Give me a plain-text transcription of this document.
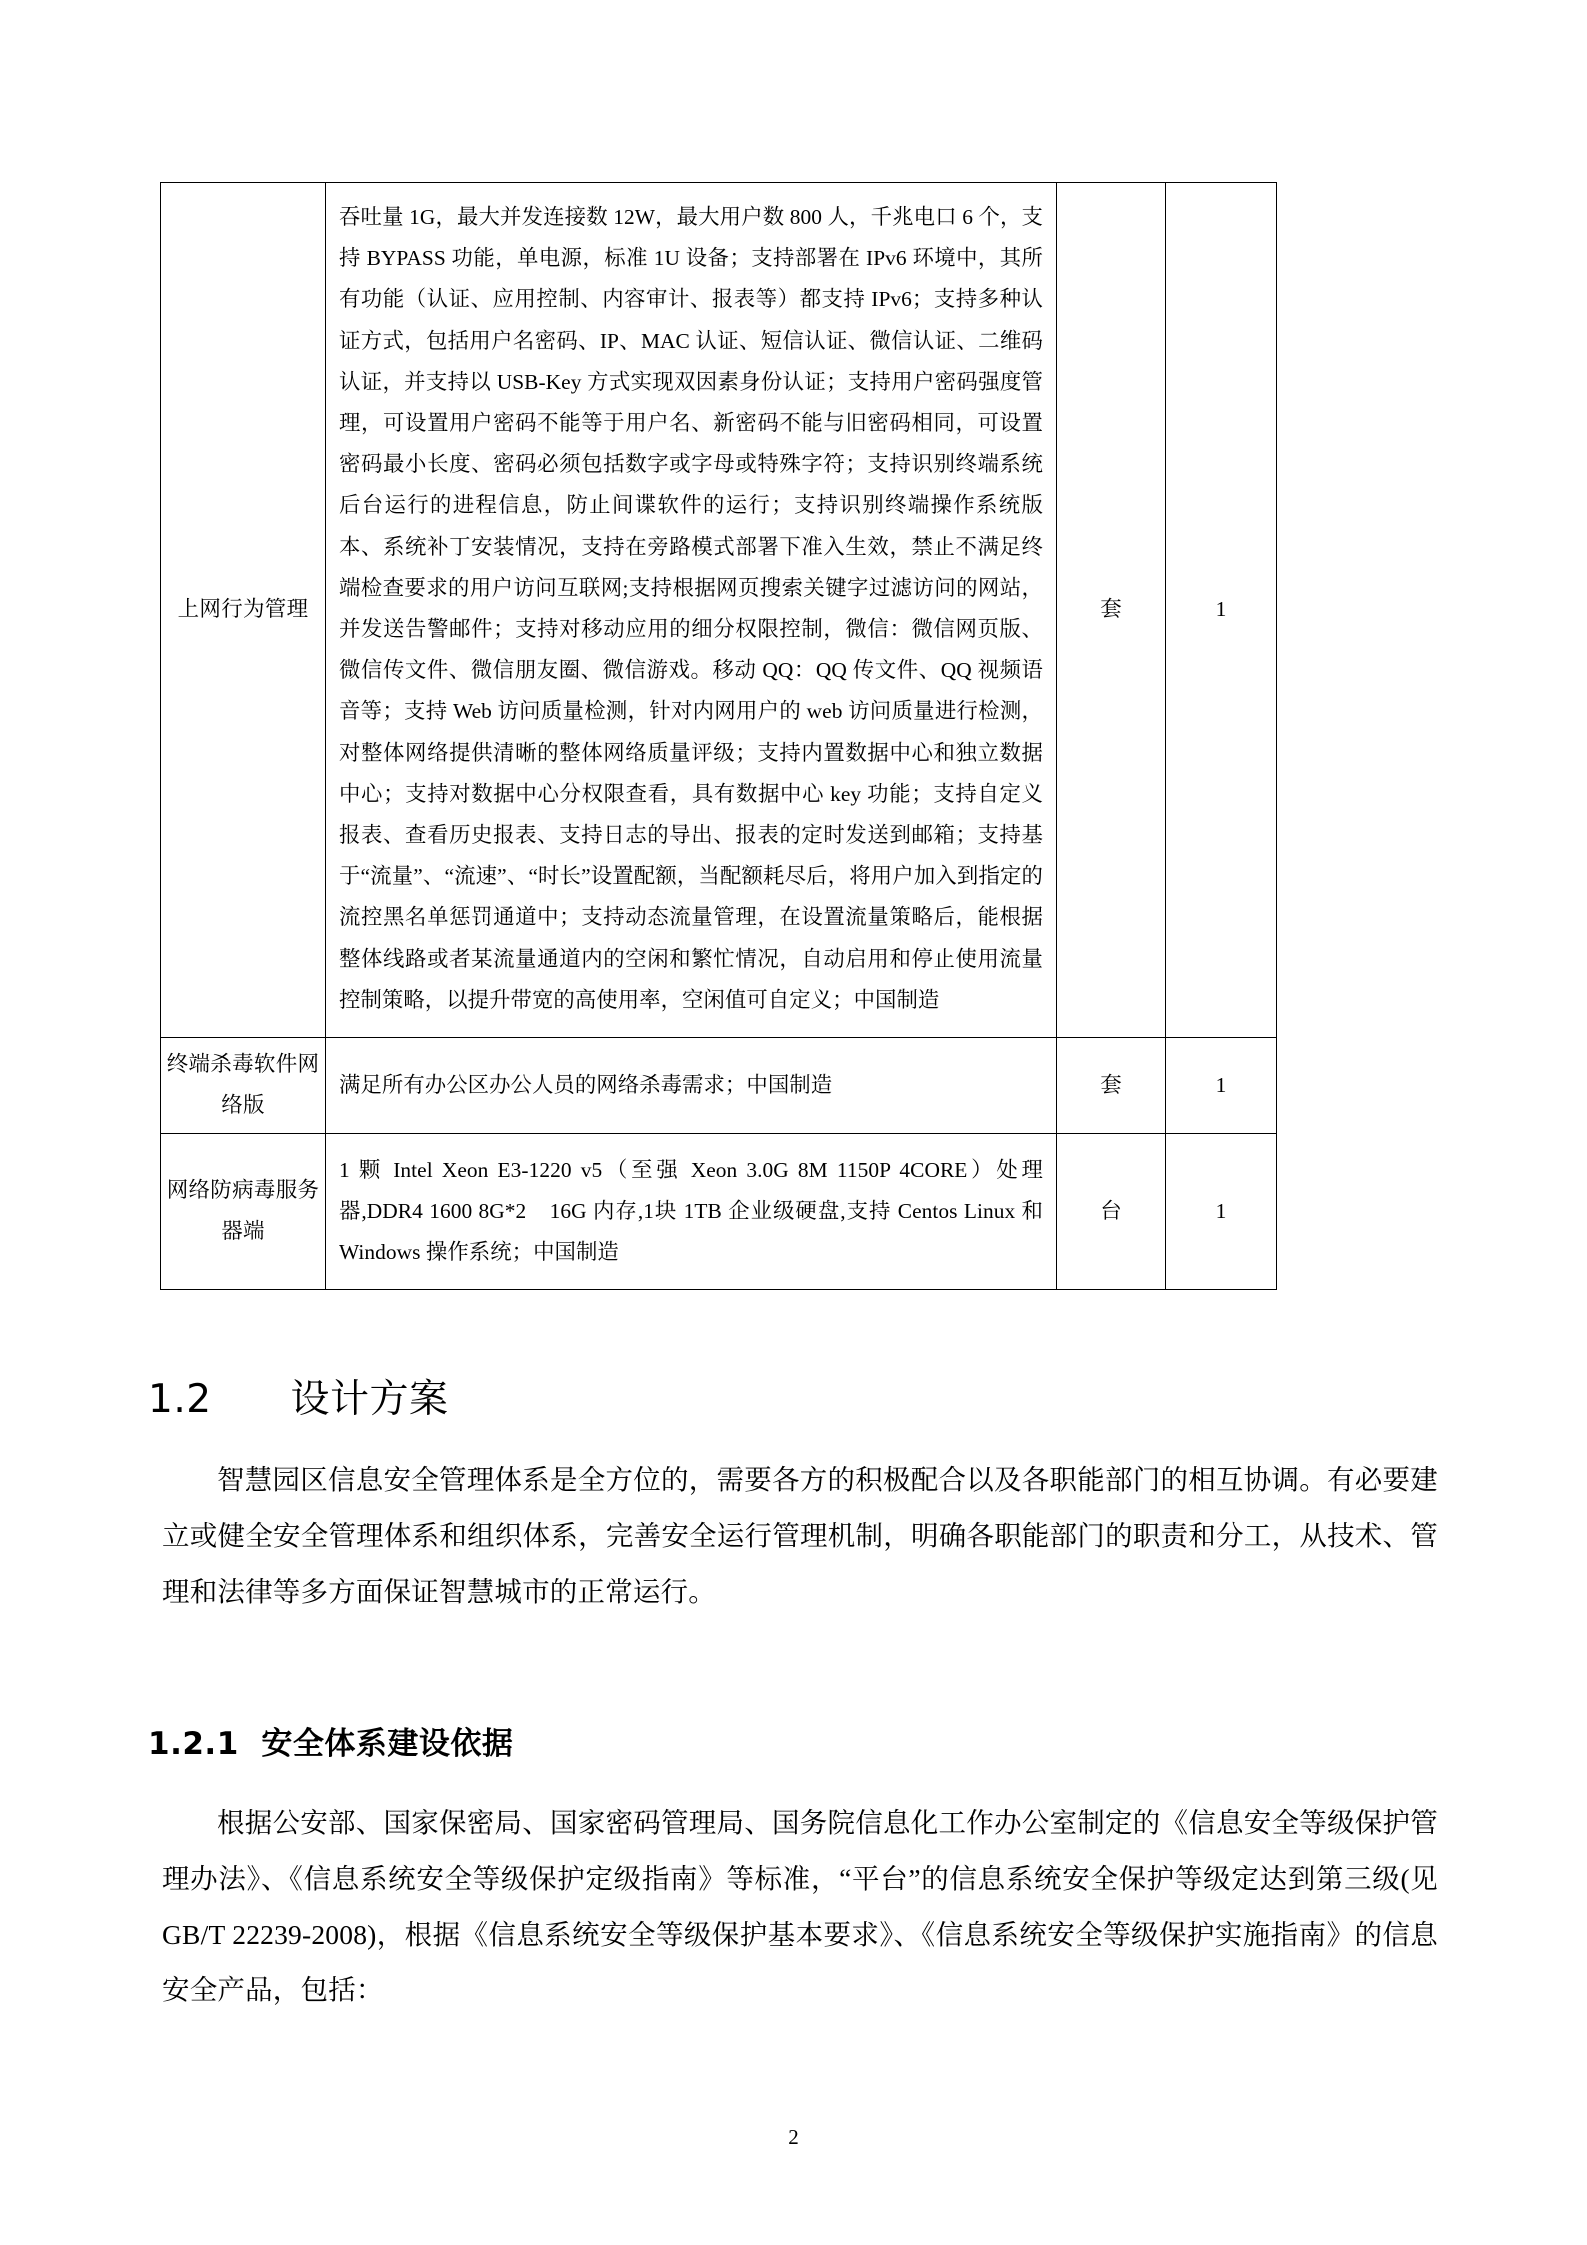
上网行为管理	吞吐量 1G，最大并发连接数 12W，最大用户数 800 人，千兆电口 6 个，支持 BYPASS 功能，单电源，标准 1U 设备；支持部署在 IPv6 环境中，其所有功能（认证、应用控制、内容审计、报表等）都支持 IPv6；支持多种认证方式，包括用户名密码、IP、MAC 认证、短信认证、微信认证、二维码认证，并支持以 USB-Key 方式实现双因素身份认证；支持用户密码强度管理，可设置用户密码不能等于用户名、新密码不能与旧密码相同，可设置密码最小长度、密码必须包括数字或字母或特殊字符；支持识别终端系统后台运行的进程信息，防止间谍软件的运行；支持识别终端操作系统版本、系统补丁安装情况，支持在旁路模式部署下准入生效，禁止不满足终端检查要求的用户访问互联网;支持根据网页搜索关键字过滤访问的网站，并发送告警邮件；支持对移动应用的细分权限控制，微信：微信网页版、微信传文件、微信朋友圈、微信游戏。移动 QQ：QQ 传文件、QQ 视频语音等；支持 Web 访问质量检测，针对内网用户的 web 访问质量进行检测，对整体网络提供清晰的整体网络质量评级；支持内置数据中心和独立数据中心；支持对数据中心分权限查看，具有数据中心 key 功能；支持自定义报表、查看历史报表、支持日志的导出、报表的定时发送到邮箱；支持基于“流量”、“流速”、“时长”设置配额，当配额耗尽后，将用户加入到指定的流控黑名单惩罚通道中；支持动态流量管理，在设置流量策略后，能根据整体线路或者某流量通道内的空闲和繁忙情况，自动启用和停止使用流量控制策略，以提升带宽的高使用率，空闲值可自定义；中国制造	套	1

终端杀毒软件网络版	满足所有办公区办公人员的网络杀毒需求；中国制造	套	1

网络防病毒服务器端	1 颗 Intel Xeon E3-1220 v5（至强 Xeon 3.0G 8M 1150P 4CORE）处理器,DDR4 1600 8G*2　16G 内存,1块 1TB 企业级硬盘,支持 Centos Linux 和 Windows 操作系统；中国制造	台	1
1.2　　设计方案

智慧园区信息安全管理体系是全方位的，需要各方的积极配合以及各职能部门的相互协调。有必要建立或健全安全管理体系和组织体系，完善安全运行管理机制，明确各职能部门的职责和分工，从技术、管理和法律等多方面保证智慧城市的正常运行。

1.2.1  安全体系建设依据

根据公安部、国家保密局、国家密码管理局、国务院信息化工作办公室制定的《信息安全等级保护管理办法》、《信息系统安全等级保护定级指南》等标准，“平台”的信息系统安全保护等级定达到第三级(见 GB/T 22239-2008)，根据《信息系统安全等级保护基本要求》、《信息系统安全等级保护实施指南》的信息安全产品，包括：

2
